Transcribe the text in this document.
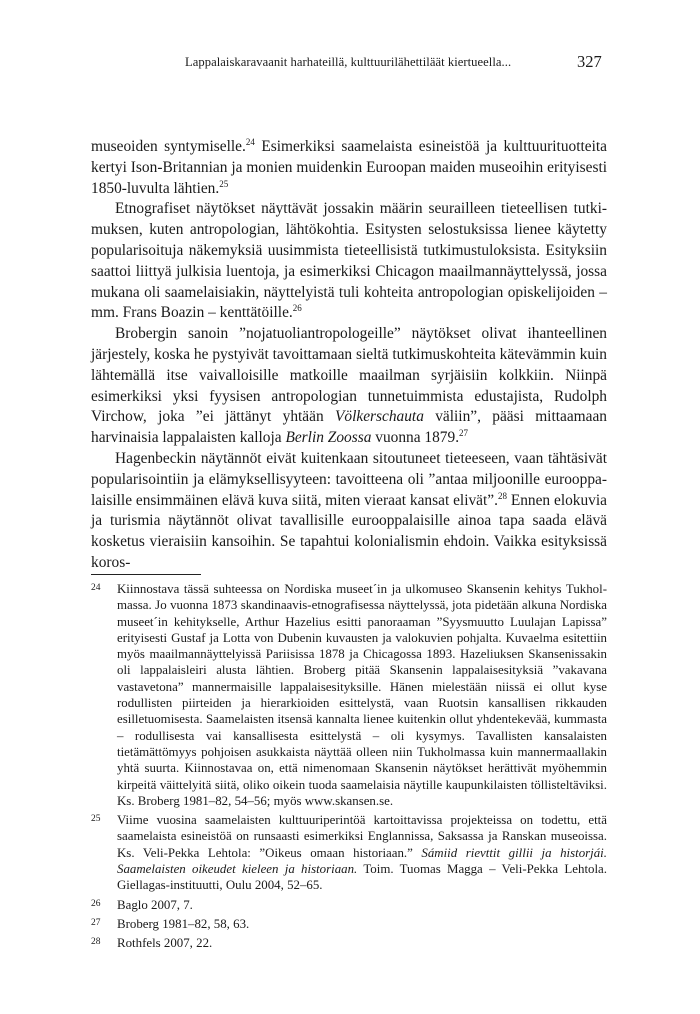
Lappalaiskaravaanit harhateillä, kulttuurilähettiläät kiertueella...	327

museoiden syntymiselle.$^{24}$ Esimerkiksi saamelaista esineistöä ja kulttuurituotteita kertyi Ison-Britannian ja monien muidenkin Euroopan maiden museoihin erityisesti 1850-luvulta lähtien.$^{25}$

Etnografiset näytökset näyttävät jossakin määrin seurailleen tieteellisen tutkimuksen, kuten antropologian, lähtökohtia. Esitysten selostuksissa lienee käytetty popularisoituja näkemyksiä uusimmista tieteellisistä tutkimustuloksista. Esityksiin saattoi liittyä julkisia luentoja, ja esimerkiksi Chicagon maailmannäyttelyssä, jossa mukana oli saamelaisiakin, näyttelyistä tuli kohteita antropologian opiskelijoiden – mm. Frans Boazin – kenttätöille.$^{26}$

Brobergin sanoin ”nojatuoliantropologeille” näytökset olivat ihanteellinen järjestely, koska he pystyivät tavoittamaan sieltä tutkimuskohteita kätevämmin kuin lähtemällä itse vaivalloisille matkoille maailman syrjäisiin kolkkiin. Niinpä esimerkiksi yksi fyysisen antropologian tunnetuimmista edustajista, Rudolph Virchow, joka ”ei jättänyt yhtään Völkerschauta väliin”, pääsi mittaamaan harvinaisia lappalaisten kalloja Berlin Zoossa vuonna 1879.27

Hagenbeckin näytännöt eivät kuitenkaan sitoutuneet tieteeseen, vaan tähtäsivät popularisointiin ja elämyksellisyyteen: tavoitteena oli ”antaa miljoonille eurooppalaisille ensimmäinen elävä kuva siitä, miten vieraat kansat elivät”.$^{28}$ Ennen elokuvia ja turismia näytännöt olivat tavallisille eurooppalaisille ainoa tapa saada elävä kosketus vieraisiin kansoihin. Se tapahtui kolonialismin ehdoin. Vaikka esityksissä koros-

24	Kiinnostava tässä suhteessa on Nordiska museet´in ja ulkomuseo Skansenin kehitys Tukholmassa. Jo vuonna 1873 skandinaavis-etnografisessa näyttelyssä, jota pidetään alkuna Nordiska museet´in kehitykselle, Arthur Hazelius esitti panoraaman ”Syysmuutto Luulajan Lapissa” erityisesti Gustaf ja Lotta von Dubenin kuvausten ja valokuvien pohjalta. Kuvaelma esitettiin myös maailmannäyttelyissä Pariisissa 1878 ja Chicagossa 1893. Hazeliuksen Skansenissakin oli lappalaisleiri alusta lähtien. Broberg pitää Skansenin lappalaisesityksiä ”vakavana vastavetona” mannermaisille lappalaisesityksille. Hänen mielestään niissä ei ollut kyse rodullisten piirteiden ja hierarkioiden esittelystä, vaan Ruotsin kansallisen rikkauden esilletuomisesta. Saamelaisten itsensä kannalta lienee kuitenkin ollut yhdentekevää, kummasta – rodullisesta vai kansallisesta esittelystä – oli kysymys. Tavallisten kansalaisten tietämättömyys pohjoisen asukkaista näyttää olleen niin Tukholmassa kuin mannermaallakin yhtä suurta. Kiinnostavaa on, että nimenomaan Skansenin näytökset herättivät myöhemmin kirpeitä väittelyitä siitä, oliko oikein tuoda saamelaisia näytille kaupunkilaisten töllisteltäviksi. Ks. Broberg 1981–82, 54–56; myös www.skansen.se.
25	Viime vuosina saamelaisten kulttuuriperintöä kartoittavissa projekteissa on todettu, että saamelaista esineistöä on runsaasti esimerkiksi Englannissa, Saksassa ja Ranskan museoissa. Ks. Veli-Pekka Lehtola: ”Oikeus omaan historiaan.” Sámiid rievttit gillii ja historjái. Saamelaisten oikeudet kieleen ja historiaan. Toim. Tuomas Magga – Veli-Pekka Lehtola. Giellagas-instituutti, Oulu 2004, 52–65.
26	Baglo 2007, 7.
27	Broberg 1981–82, 58, 63.
28	Rothfels 2007, 22.
